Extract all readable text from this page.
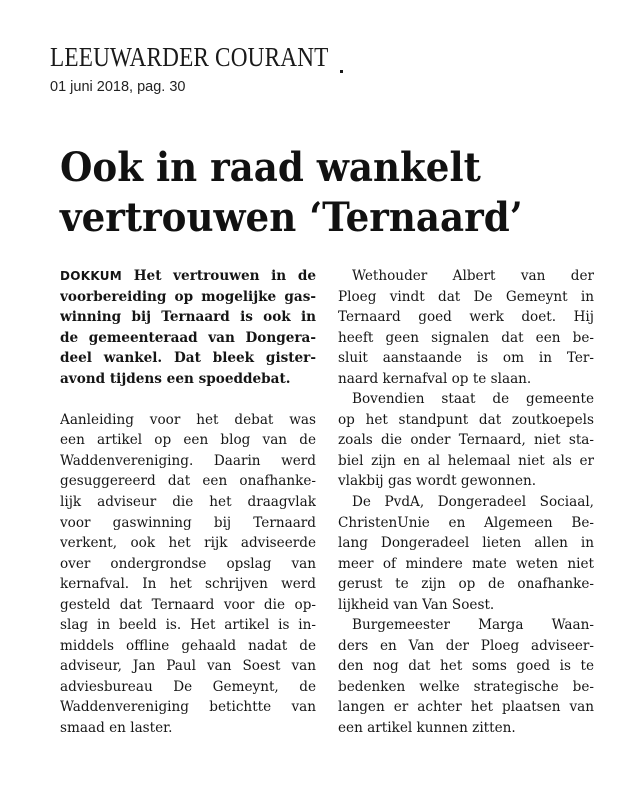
LEEUWARDER COURANT
01 juni 2018, pag. 30
Ook in raad wankelt
vertrouwen ‘Ternaard’
DOKKUM Het vertrouwen in de
voorbereiding op mogelijke gas-
winning bij Ternaard is ook in
de gemeenteraad van Dongera-
deel wankel. Dat bleek gister-
avond tijdens een spoeddebat.
Aanleiding voor het debat was
een artikel op een blog van de
Waddenvereniging. Daarin werd
gesuggereerd dat een onafhanke-
lijk adviseur die het draagvlak
voor gaswinning bij Ternaard
verkent, ook het rijk adviseerde
over ondergrondse opslag van
kernafval. In het schrijven werd
gesteld dat Ternaard voor die op-
slag in beeld is. Het artikel is in-
middels offline gehaald nadat de
adviseur, Jan Paul van Soest van
adviesbureau De Gemeynt, de
Waddenvereniging betichtte van
smaad en laster.
Wethouder Albert van der
Ploeg vindt dat De Gemeynt in
Ternaard goed werk doet. Hij
heeft geen signalen dat een be-
sluit aanstaande is om in Ter-
naard kernafval op te slaan.
Bovendien staat de gemeente
op het standpunt dat zoutkoepels
zoals die onder Ternaard, niet sta-
biel zijn en al helemaal niet als er
vlakbij gas wordt gewonnen.
De PvdA, Dongeradeel Sociaal,
ChristenUnie en Algemeen Be-
lang Dongeradeel lieten allen in
meer of mindere mate weten niet
gerust te zijn op de onafhanke-
lijkheid van Van Soest.
Burgemeester Marga Waan-
ders en Van der Ploeg adviseer-
den nog dat het soms goed is te
bedenken welke strategische be-
langen er achter het plaatsen van
een artikel kunnen zitten.
